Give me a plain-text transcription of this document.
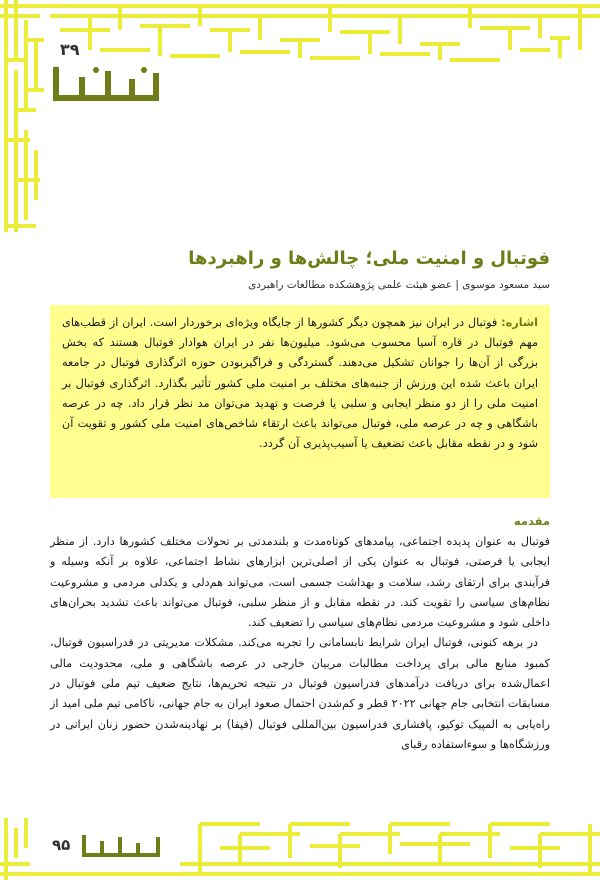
۳۹
فوتبال و امنیت ملی؛ چالش‌ها و راهبردها
سید مسعود موسوی | عضو هیئت علمی پژوهشکده مطالعات راهبردی

اشاره: فوتبال در ایران نیز همچون دیگر کشورها از جایگاه ویژه‌ای برخوردار است. ایران از قطب‌های مهم فوتبال در قاره آسیا محسوب می‌شود. میلیون‌ها نفر در ایران هوادار فوتبال هستند که بخش بزرگی از آن‌ها را جوانان تشکیل می‌دهند. گستردگی و فراگیربودن حوزه اثرگذاری فوتبال در جامعه ایران باعث شده این ورزش از جنبه‌های مختلف بر امنیت ملی کشور تأثیر بگذارد. اثرگذاری فوتبال بر امنیت ملی را از دو منظر ایجابی و سلبی یا فرصت و تهدید می‌توان مد نظر قرار داد. چه در عرصه باشگاهی و چه در عرصه ملی، فوتبال می‌تواند باعث ارتقاء شاخص‌های امنیت ملی کشور و تقویت آن شود و در نقطه مقابل باعث تضعیف یا آسیب‌پذیری آن گردد.

مقدمه

فوتبال به عنوان پدیده اجتماعی، پیامدهای کوتاه‌مدت و بلندمدتی بر تحولات مختلف کشورها دارد. از منظر ایجابی یا فرصتی، فوتبال به عنوان یکی از اصلی‌ترین ابزارهای نشاط اجتماعی، علاوه بر آنکه وسیله و فرآیندی برای ارتقای رشد، سلامت و بهداشت جسمی است، می‌تواند هم‌دلی و یکدلی مردمی و مشروعیت نظام‌های سیاسی را تقویت کند. در نقطه مقابل و از منظر سلبی، فوتبال می‌تواند باعث تشدید بحران‌های داخلی شود و مشروعیت مردمی نظام‌های سیاسی را تضعیف کند.

در برهه کنونی، فوتبال ایران شرایط نابسامانی را تجربه می‌کند. مشکلات مدیریتی در فدراسیون فوتبال، کمبود منابع مالی برای پرداخت مطالبات مربیان خارجی در عرصه باشگاهی و ملی، محدودیت مالی اعمال‌شده برای دریافت درآمدهای فدراسیون فوتبال در نتیجه تحریم‌ها، نتایج ضعیف تیم ملی فوتبال در مسابقات انتخابی جام جهانی ۲۰۲۲ قطر و کم‌شدن احتمال صعود ایران به جام جهانی، ناکامی تیم ملی امید از راه‌یابی به المپیک توکیو، پافشاری فدراسیون بین‌المللی فوتبال (فیفا) بر نهادینه‌شدن حضور زنان ایرانی در ورزشگاه‌ها و سوءاستفاده رقبای

۹۵
